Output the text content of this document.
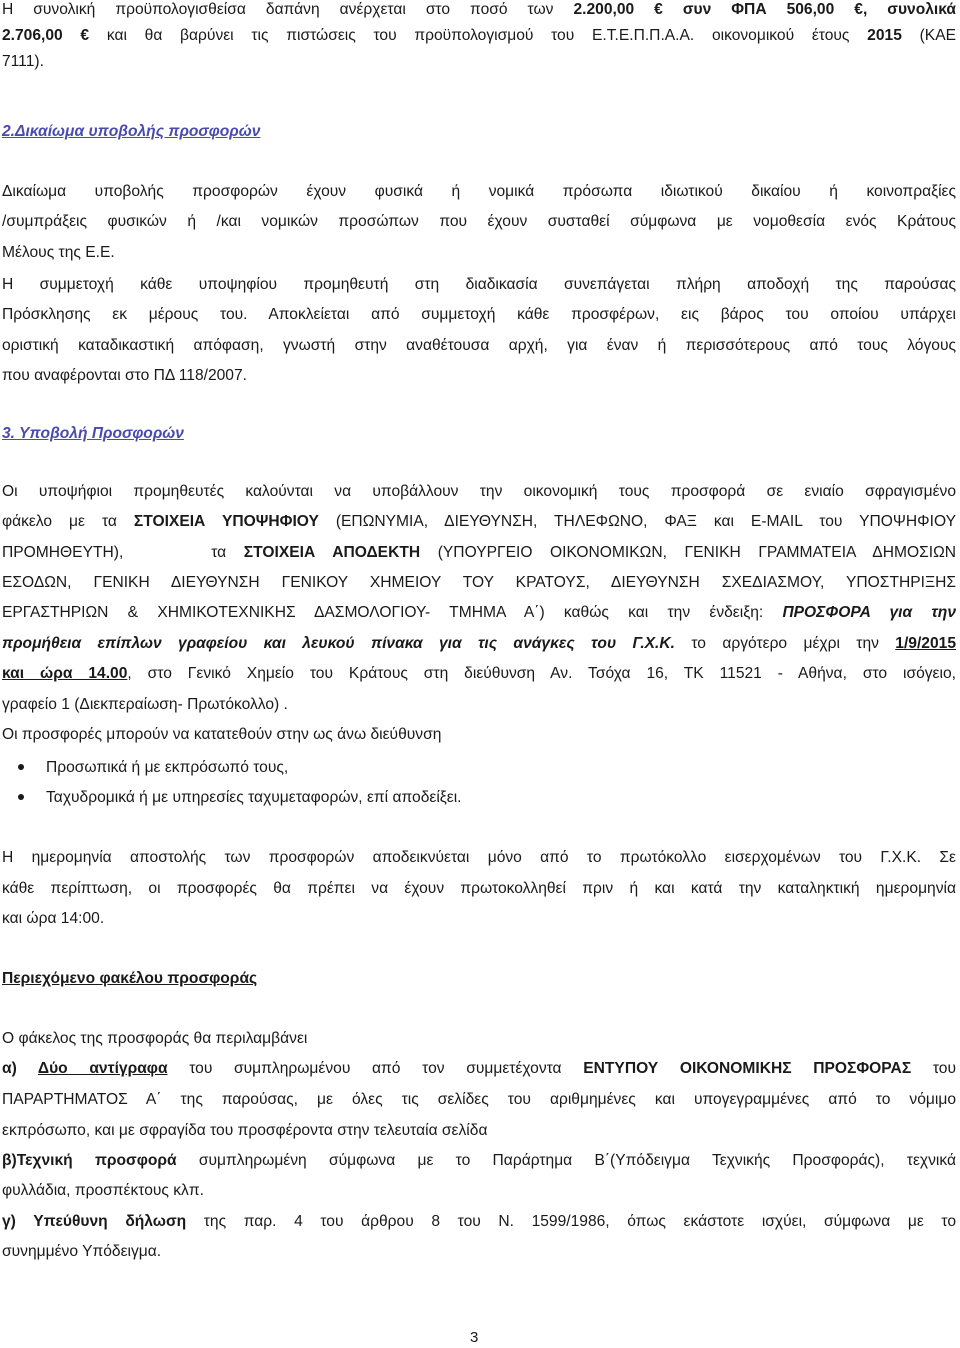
Η συνολική προϋπολογισθείσα δαπάνη ανέρχεται στο ποσό των 2.200,00 € συν ΦΠΑ 506,00 €, συνολικά
2.706,00 € και θα βαρύνει τις πιστώσεις του προϋπολογισμού του Ε.Τ.Ε.Π.Π.Α.Α. οικονομικού έτους 2015 (ΚΑΕ
7111).
2.Δικαίωμα υποβολής προσφορών
Δικαίωμα υποβολής προσφορών έχουν φυσικά ή νομικά πρόσωπα ιδιωτικού δικαίου ή κοινοπραξίες
/συμπράξεις φυσικών ή /και νομικών προσώπων που έχουν συσταθεί σύμφωνα με νομοθεσία ενός Κράτους
Μέλους της Ε.Ε.
Η συμμετοχή κάθε υποψηφίου προμηθευτή στη διαδικασία συνεπάγεται πλήρη αποδοχή της παρούσας
Πρόσκλησης εκ μέρους του. Αποκλείεται από συμμετοχή κάθε προσφέρων, εις βάρος του οποίου υπάρχει
οριστική καταδικαστική απόφαση, γνωστή στην αναθέτουσα αρχή, για έναν ή περισσότερους από τους λόγους
που αναφέρονται στο ΠΔ 118/2007.
3. Υποβολή Προσφορών
Οι υποψήφιοι προμηθευτές καλούνται να υποβάλλουν την οικονομική τους προσφορά σε ενιαίο σφραγισμένο
φάκελο με τα ΣΤΟΙΧΕΙΑ ΥΠΟΨΗΦΙΟΥ (ΕΠΩΝΥΜΙΑ, ΔΙΕΥΘΥΝΣΗ, ΤΗΛΕΦΩΝΟ, ΦΑΞ και E-MAIL του ΥΠΟΨΗΦΙΟΥ
ΠΡΟΜΗΘΕΥΤΗ),     τα ΣΤΟΙΧΕΙΑ ΑΠΟΔΕΚΤΗ (ΥΠΟΥΡΓΕΙΟ ΟΙΚΟΝΟΜΙΚΩΝ, ΓΕΝΙΚΗ ΓΡΑΜΜΑΤΕΙΑ ΔΗΜΟΣΙΩΝ
ΕΣΟΔΩΝ, ΓΕΝΙΚΗ ΔΙΕΥΘΥΝΣΗ ΓΕΝΙΚΟΥ ΧΗΜΕΙΟΥ ΤΟΥ ΚΡΑΤΟΥΣ, ΔΙΕΥΘΥΝΣΗ ΣΧΕΔΙΑΣΜΟΥ, ΥΠΟΣΤΗΡΙΞΗΣ
ΕΡΓΑΣΤΗΡΙΩΝ & ΧΗΜΙΚΟΤΕΧΝΙΚΗΣ ΔΑΣΜΟΛΟΓΙΟΥ- ΤΜΗΜΑ Α΄) καθώς και την ένδειξη: ΠΡΟΣΦΟΡΑ για την
προμήθεια επίπλων γραφείου και λευκού πίνακα για τις ανάγκες του Γ.Χ.Κ. το αργότερο μέχρι την 1/9/2015
και ώρα 14.00, στο Γενικό Χημείο του Κράτους στη διεύθυνση Αν. Τσόχα 16, ΤΚ 11521 - Αθήνα, στο ισόγειο,
γραφείο 1 (Διεκπεραίωση- Πρωτόκολλο) .
Οι προσφορές μπορούν να κατατεθούν στην ως άνω διεύθυνση
Προσωπικά ή με εκπρόσωπό τους,
Ταχυδρομικά ή με υπηρεσίες ταχυμεταφορών, επί αποδείξει.
Η ημερομηνία αποστολής των προσφορών αποδεικνύεται μόνο από το πρωτόκολλο εισερχομένων του Γ.Χ.Κ. Σε
κάθε περίπτωση, οι προσφορές θα πρέπει να έχουν πρωτοκολληθεί πριν ή και κατά την καταληκτική ημερομηνία
και ώρα 14:00.
Περιεχόμενο φακέλου προσφοράς
Ο φάκελος της προσφοράς θα περιλαμβάνει
α) Δύο αντίγραφα του συμπληρωμένου από τον συμμετέχοντα ΕΝΤΥΠΟΥ ΟΙΚΟΝΟΜΙΚΗΣ ΠΡΟΣΦΟΡΑΣ του
ΠΑΡΑΡΤΗΜΑΤΟΣ Α΄ της παρούσας, με όλες τις σελίδες του αριθμημένες και υπογεγραμμένες από το νόμιμο
εκπρόσωπο, και με σφραγίδα του προσφέροντα στην τελευταία σελίδα
β)Τεχνική προσφορά συμπληρωμένη σύμφωνα με το Παράρτημα Β΄(Υπόδειγμα Τεχνικής Προσφοράς), τεχνικά
φυλλάδια, προσπέκτους κλπ.
γ) Υπεύθυνη δήλωση της παρ. 4 του άρθρου 8 του Ν. 1599/1986, όπως εκάστοτε ισχύει, σύμφωνα με το
συνημμένο Υπόδειγμα.
3
